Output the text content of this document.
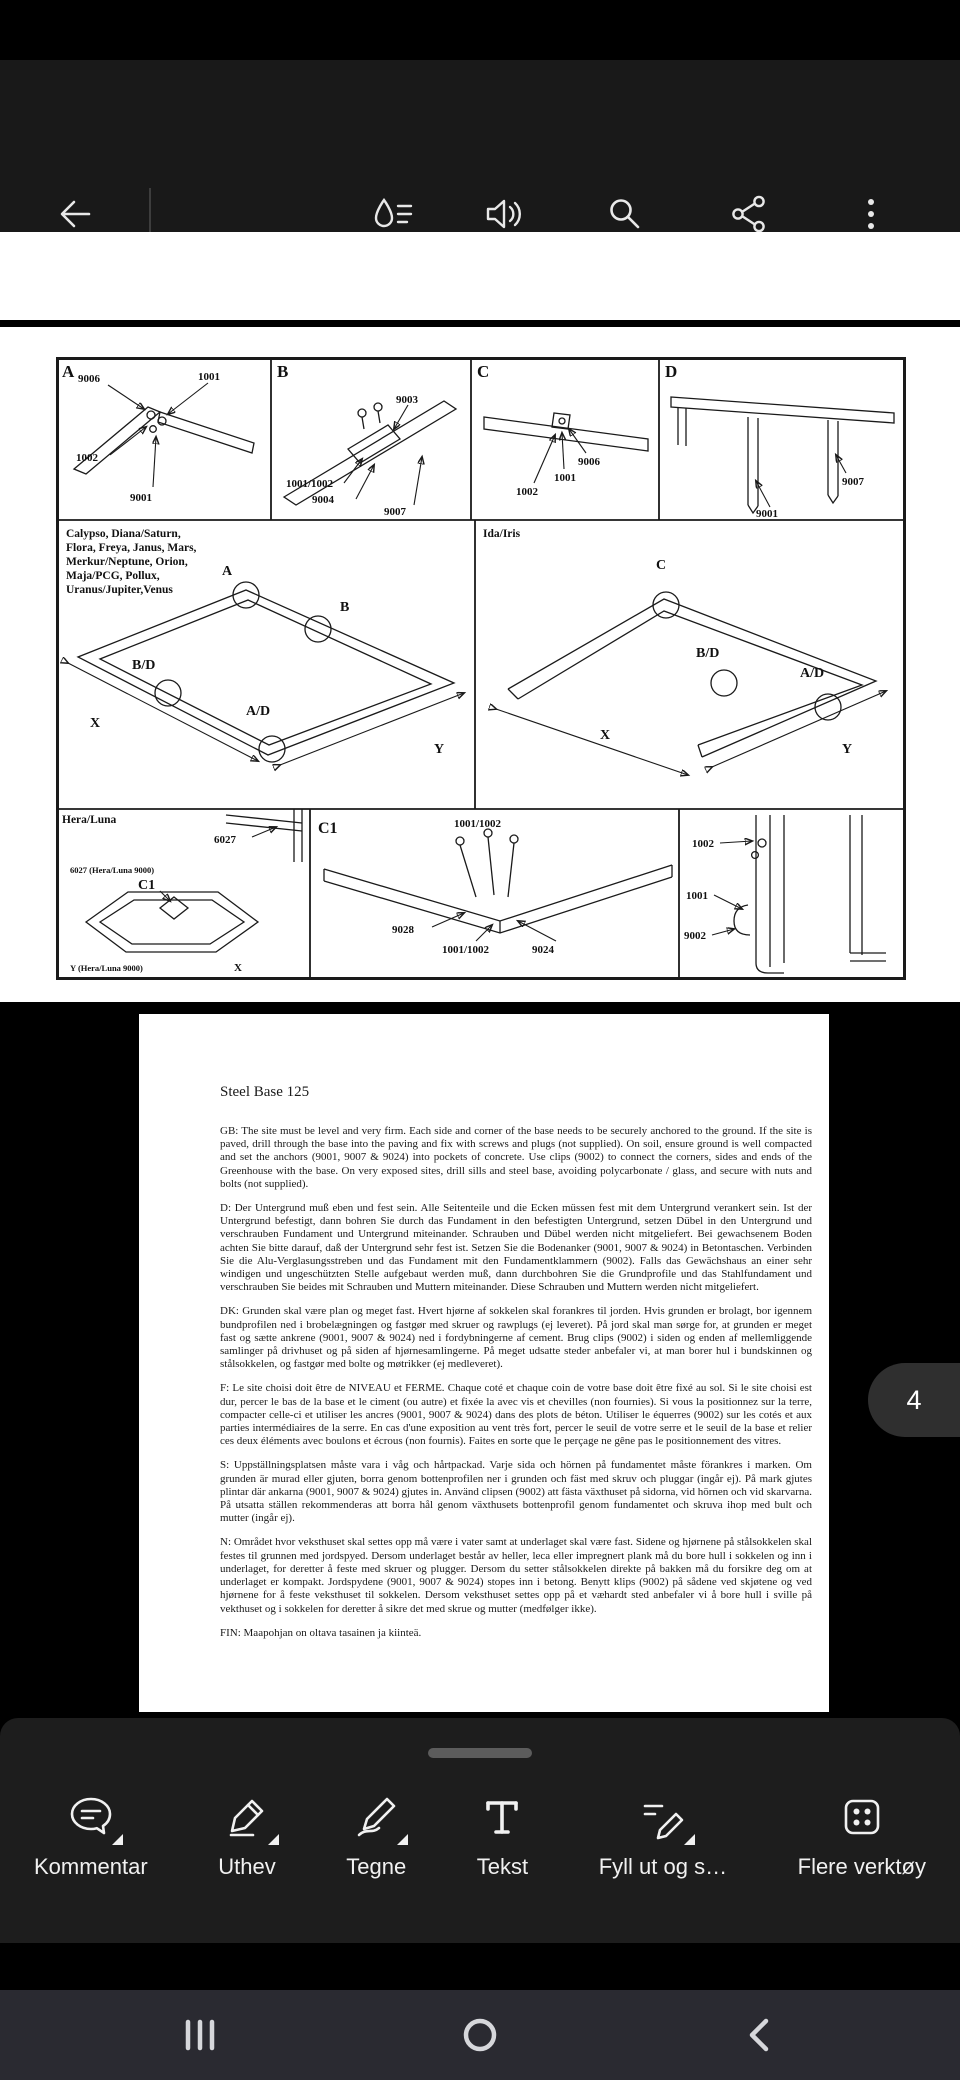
A 9006	1001
1002
9001
B
9003
1001/1002
9004
9007
C
9006
1001
1002
D
9007
9001
Calypso, Diana/Saturn,
Flora, Freya, Janus, Mars,
Merkur/Neptune, Orion,
Maja/PCG, Pollux,
Uranus/Jupiter,Venus
A
B
B/D
A/D
X
Y
Ida/Iris
C
B/D
A/D
X
Y
Hera/Luna
6027
6027 (Hera/Luna 9000)
C1
Y (Hera/Luna 9000)	X
C1	1001/1002
9028
1001/1002	9024
1002
1001
9002
Steel Base 125

GB: The site must be level and very firm. Each side and corner of the base needs to be securely anchored to the ground. If the site is paved, drill through the base into the paving and fix with screws and plugs (not supplied). On soil, ensure ground is well compacted and set the anchors (9001, 9007 & 9024) into pockets of concrete. Use clips (9002) to connect the corners, sides and ends of the Greenhouse with the base. On very exposed sites, drill sills and steel base, avoiding polycarbonate / glass, and secure with nuts and bolts (not supplied).

D: Der Untergrund muß eben und fest sein. Alle Seitenteile und die Ecken müssen fest mit dem Untergrund verankert sein. Ist der Untergrund befestigt, dann bohren Sie durch das Fundament in den befestigten Untergrund, setzen Dübel in den Untergrund und verschrauben Fundament und Untergrund miteinander. Schrauben und Dübel werden nicht mitgeliefert. Bei gewachsenem Boden achten Sie bitte darauf, daß der Untergrund sehr fest ist. Setzen Sie die Bodenanker (9001, 9007 & 9024) in Betontaschen. Verbinden Sie die Alu-Verglasungsstreben und das Fundament mit den Fundamentklammern (9002). Falls das Gewächshaus an einer sehr windigen und ungeschützten Stelle aufgebaut werden muß, dann durchbohren Sie die Grundprofile und das Stahlfundament und verschrauben Sie beides mit Schrauben und Muttern miteinander. Diese Schrauben und Muttern werden nicht mitgeliefert.

DK: Grunden skal være plan og meget fast. Hvert hjørne af sokkelen skal forankres til jorden. Hvis grunden er brolagt, bor igennem bundprofilen ned i brobelægningen og fastgør med skruer og rawplugs (ej leveret). På jord skal man sørge for, at grunden er meget fast og sætte ankrene (9001, 9007 & 9024) ned i fordybningerne af cement. Brug clips (9002) i siden og enden af mellemliggende samlinger på drivhuset og på siden af hjørnesamlingerne. På meget udsatte steder anbefaler vi, at man borer hul i bundskinnen og stålsokkelen, og fastgør med bolte og møtrikker (ej medleveret).

F: Le site choisi doit être de NIVEAU et FERME. Chaque coté et chaque coin de votre base doit être fixé au sol. Si le site choisi est dur, percer le bas de la base et le ciment (ou autre) et fixée la avec vis et chevilles (non fournies). Si vous la positionnez sur la terre, compacter celle-ci et utiliser les ancres (9001, 9007 & 9024) dans des plots de béton. Utiliser le équerres (9002) sur les cotés et aux parties intermédiaires de la serre. En cas d'une exposition au vent très fort, percer le seuil de votre serre et le seuil de la base et relier ces deux éléments avec boulons et écrous (non fournis). Faites en sorte que le perçage ne gêne pas le positionnement des vitres.

S: Uppställningsplatsen måste vara i våg och hårtpackad. Varje sida och hörnen på fundamentet måste förankres i marken. Om grunden är murad eller gjuten, borra genom bottenprofilen ner i grunden och fäst med skruv och pluggar (ingår ej). På mark gjutes plintar där ankarna (9001, 9007 & 9024) gjutes in. Använd clipsen (9002) att fästa växthuset på sidorna, vid hörnen och vid skarvarna. På utsatta ställen rekommenderas att borra hål genom växthusets bottenprofil genom fundamentet och skruva ihop med bult och mutter (ingår ej).

N: Området hvor veksthuset skal settes opp må være i vater samt at underlaget skal være fast. Sidene og hjørnene på stålsokkelen skal festes til grunnen med jordspyed. Dersom underlaget består av heller, leca eller impregnert plank må du bore hull i sokkelen og inn i underlaget, for deretter å feste med skruer og plugger. Dersom du setter stålsokkelen direkte på bakken må du forsikre deg om at underlaget er kompakt. Jordspydene (9001, 9007 & 9024) stopes inn i betong. Benytt klips (9002) på sådene ved skjøtene og ved hjørnene for å feste veksthuset til sokkelen. Dersom veksthuset settes opp på et væhardt sted anbefaler vi å bore hull i sville på vekthuset og i sokkelen for deretter å sikre det med skrue og mutter (medfølger ikke).

FIN: Maapohjan on oltava tasainen ja kiinteä.

4
Kommentar	Uthev	Tegne	Tekst	Fyll ut og s…	Flere verktøy
